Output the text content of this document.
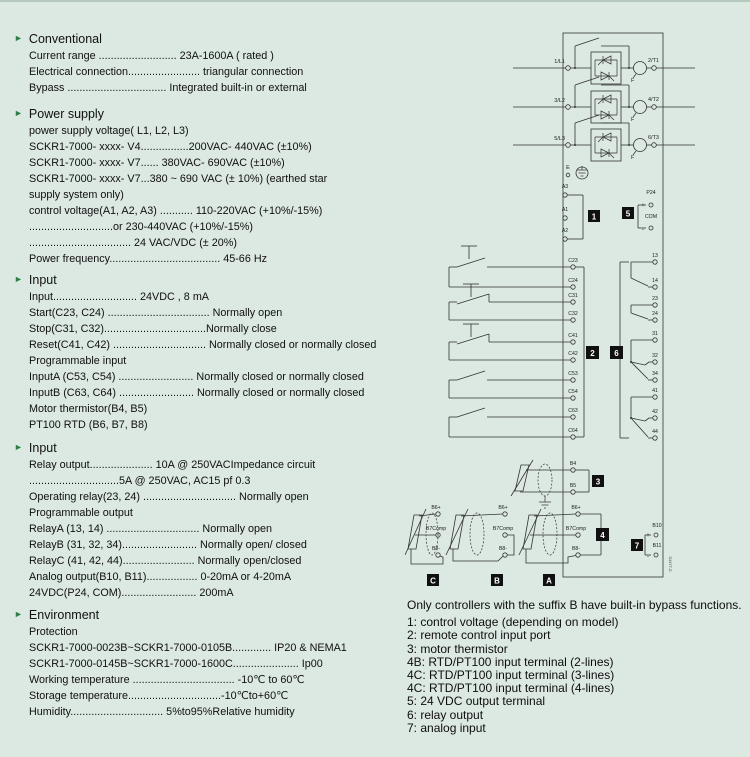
► Conventional
Current range .......................... 23A-1600A ( rated )
Electrical connection........................ triangular connection
Bypass ................................. Integrated built-in or external
► Power supply
power supply voltage( L1, L2, L3)
SCKR1-7000- xxxx- V4................200VAC- 440VAC (±10%)
SCKR1-7000- xxxx- V7...... 380VAC- 690VAC (±10%)
SCKR1-7000- xxxx- V7...380 ~ 690 VAC (± 10%) (earthed star
supply system only)
control voltage(A1, A2, A3) ........... 110-220VAC (+10%/-15%)
............................or 230-440VAC (+10%/-15%)
.................................. 24 VAC/VDC (± 20%)
Power frequency..................................... 45-66 Hz
► Input
Input............................ 24VDC , 8 mA
Start(C23, C24) .................................. Normally open
Stop(C31, C32)..................................Normally close
Reset(C41, C42) ............................... Normally closed or normally closed
Programmable input
InputA (C53, C54) ......................... Normally closed or normally closed
InputB (C63, C64) ......................... Normally closed or normally closed
Motor thermistor(B4, B5)
PT100 RTD (B6, B7, B8)
► Input
Relay output..................... 10A @ 250VACImpedance circuit
..............................5A @ 250VAC, AC15 pf 0.3
Operating relay(23, 24) ............................... Normally open
Programmable output
RelayA (13, 14) ............................... Normally open
RelayB (31, 32, 34)......................... Normally open/ closed
RelayC (41, 42, 44)........................ Normally open/closed
Analog output(B10, B11)................. 0-20mA or 4-20mA
24VDC(P24, COM)......................... 200mA
► Environment
Protection
SCKR1-7000-0023B~SCKR1-7000-0105B............. IP20 & NEMA1
SCKR1-7000-0145B~SCKR1-7000-1600C...................... Ip00
Working temperature .................................. -10℃ to 60℃
Storage temperature...............................-10℃to+60℃
Humidity............................... 5%to95%Relative humidity
Only controllers with the suffix B have built-in bypass functions.
1: control voltage (depending on model)
2: remote control input port
3: motor thermistor
4B: RTD/PT100 input terminal (2-lines)
4C: RTD/PT100 input terminal (3-lines)
4C: RTD/PT100 input terminal (4-lines)
5: 24 VDC output terminal
6: relay output
7: analog input
1/L1
F
2/T1
3/L2
F
4/T2
5/L3
F
6/T3
E
A3
A1
A2
1
P24
+
COM
-
5
C23
C24
C31
C32
C41
C42
C53
C54
C63
C64
2
13
14
23
24
31
32
34
41
42
44
6
B4
B5 3
B6+
B7Comp
B8-
4
A
B6+
B7Comp
B8-
B
B6+
B7Comp
B8-
C
B10
+
B11
-
7
D4477.D
